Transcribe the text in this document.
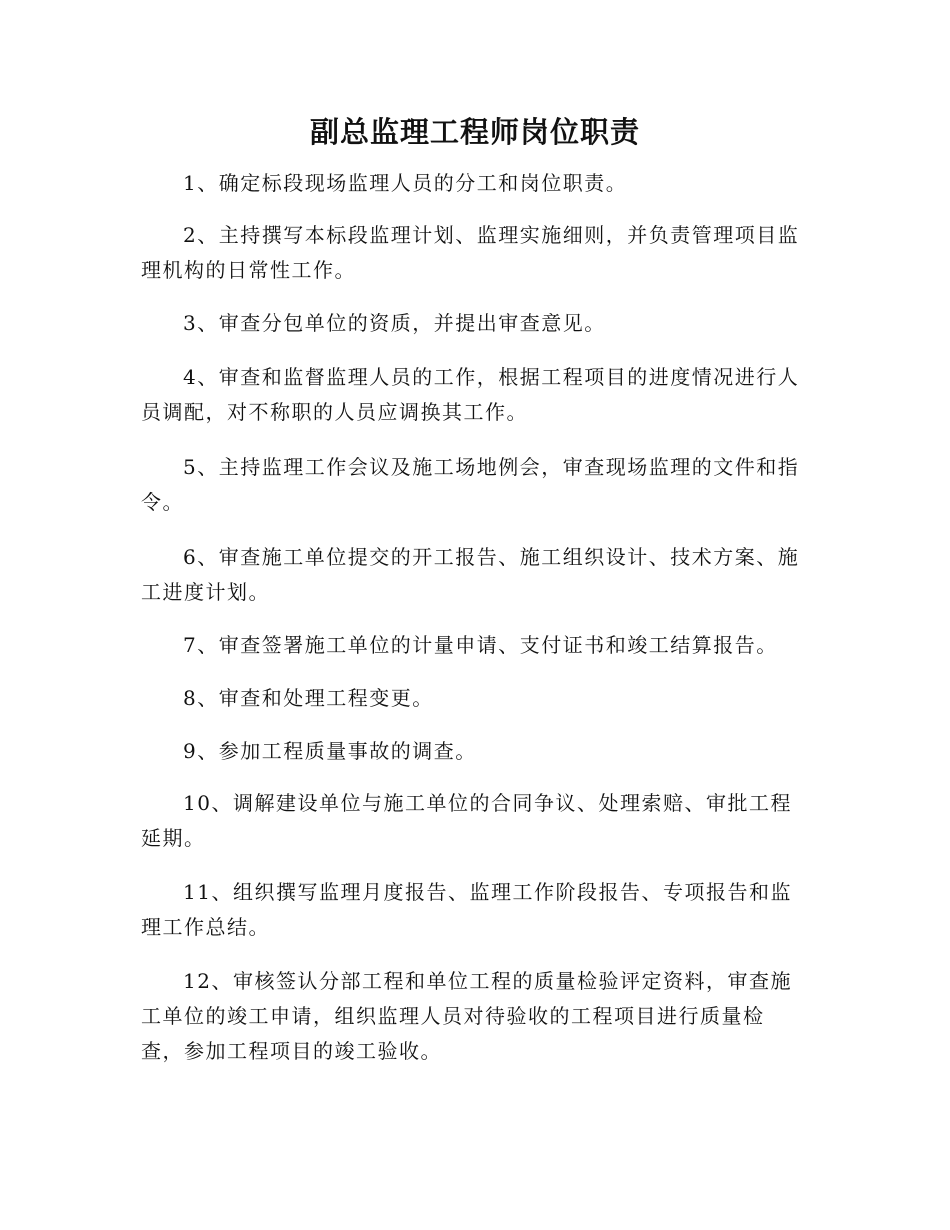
副总监理工程师岗位职责

1、确定标段现场监理人员的分工和岗位职责。

2、主持撰写本标段监理计划、监理实施细则，并负责管理项目监理机构的日常性工作。

3、审查分包单位的资质，并提出审查意见。

4、审查和监督监理人员的工作，根据工程项目的进度情况进行人员调配，对不称职的人员应调换其工作。

5、主持监理工作会议及施工场地例会，审查现场监理的文件和指令。

6、审查施工单位提交的开工报告、施工组织设计、技术方案、施工进度计划。

7、审查签署施工单位的计量申请、支付证书和竣工结算报告。

8、审查和处理工程变更。

9、参加工程质量事故的调查。

10、调解建设单位与施工单位的合同争议、处理索赔、审批工程延期。

11、组织撰写监理月度报告、监理工作阶段报告、专项报告和监理工作总结。

12、审核签认分部工程和单位工程的质量检验评定资料，审查施工单位的竣工申请，组织监理人员对待验收的工程项目进行质量检查，参加工程项目的竣工验收。
